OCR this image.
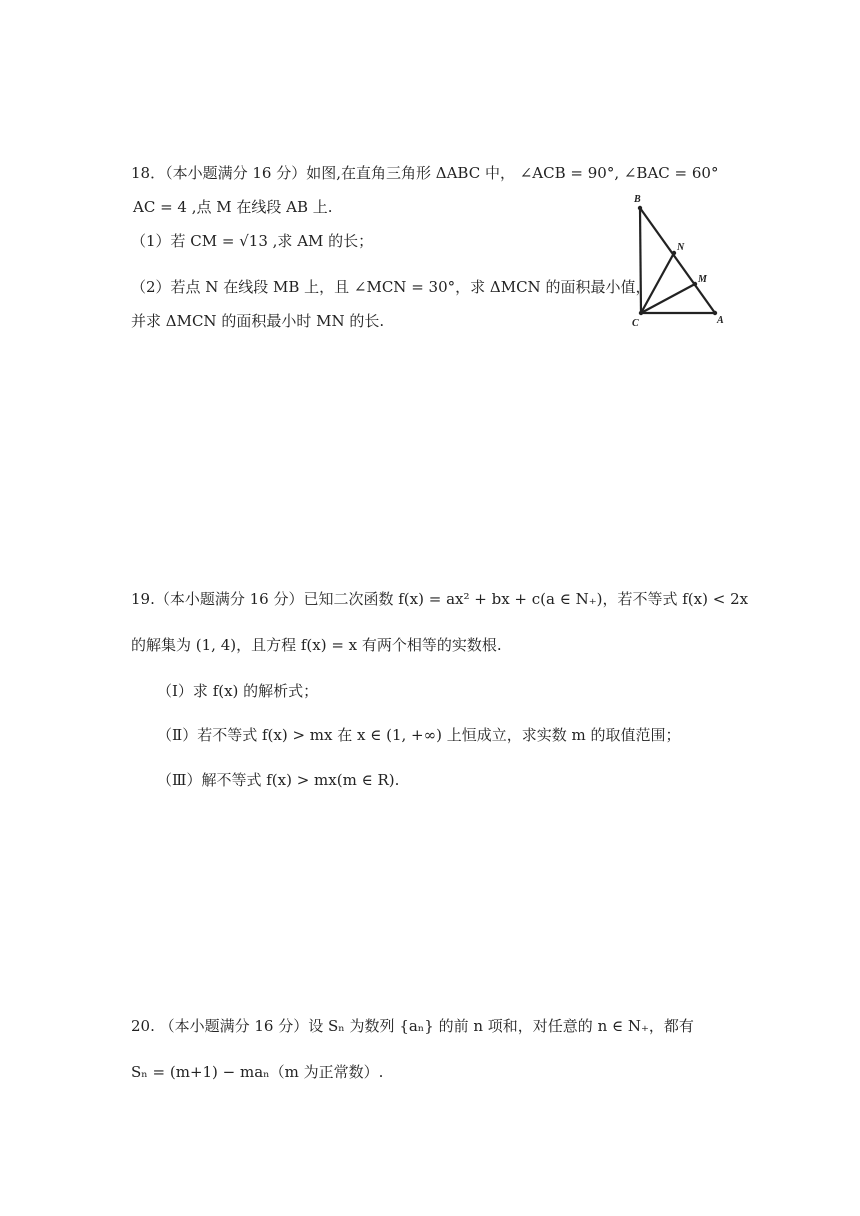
18．（本小题满分 16 分）如图,在直角三角形 ΔABC 中， ∠ACB = 90°, ∠BAC = 60°
AC = 4 ,点 M 在线段 AB 上.
（1）若 CM = √13 ,求 AM 的长；
（2）若点 N 在线段 MB 上，且 ∠MCN = 30°，求 ΔMCN 的面积最小值，
并求 ΔMCN 的面积最小时 MN 的长.
B
N
M
C	A
19.（本小题满分 16 分）已知二次函数 f(x) = ax² + bx + c(a ∈ N₊)，若不等式 f(x) < 2x
的解集为 (1, 4)，且方程 f(x) = x 有两个相等的实数根.
（Ⅰ）求 f(x) 的解析式；
（Ⅱ）若不等式 f(x) > mx 在 x ∈ (1, +∞) 上恒成立，求实数 m 的取值范围；
（Ⅲ）解不等式 f(x) > mx(m ∈ R).
20. （本小题满分 16 分）设 Sₙ 为数列 {aₙ} 的前 n 项和，对任意的 n ∈ N₊，都有
Sₙ = (m+1) − maₙ（m 为正常数）.
